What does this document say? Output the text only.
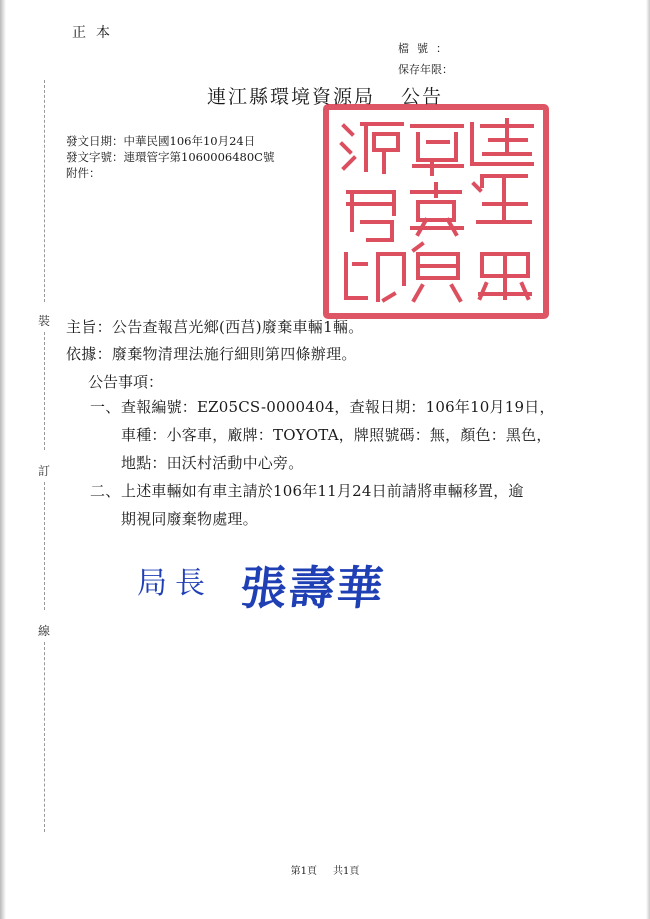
正本
檔號：
保存年限：
連江縣環境資源局 公告
發文日期：中華民國106年10月24日
發文字號：連環管字第1060006480C號
附件：
裝
訂
線
主旨：公告查報莒光鄉(西莒)廢棄車輛1輛。
依據：廢棄物清理法施行細則第四條辦理。
公告事項：
一、 查報編號：EZ05CS-0000404，查報日期：106年10月19日，
車種：小客車，廠牌：TOYOTA，牌照號碼：無，顏色：黑色，
地點：田沃村活動中心旁。
二、 上述車輛如有車主請於106年11月24日前請將車輛移置，逾
期視同廢棄物處理。
局長 張壽華
第1頁 共1頁
